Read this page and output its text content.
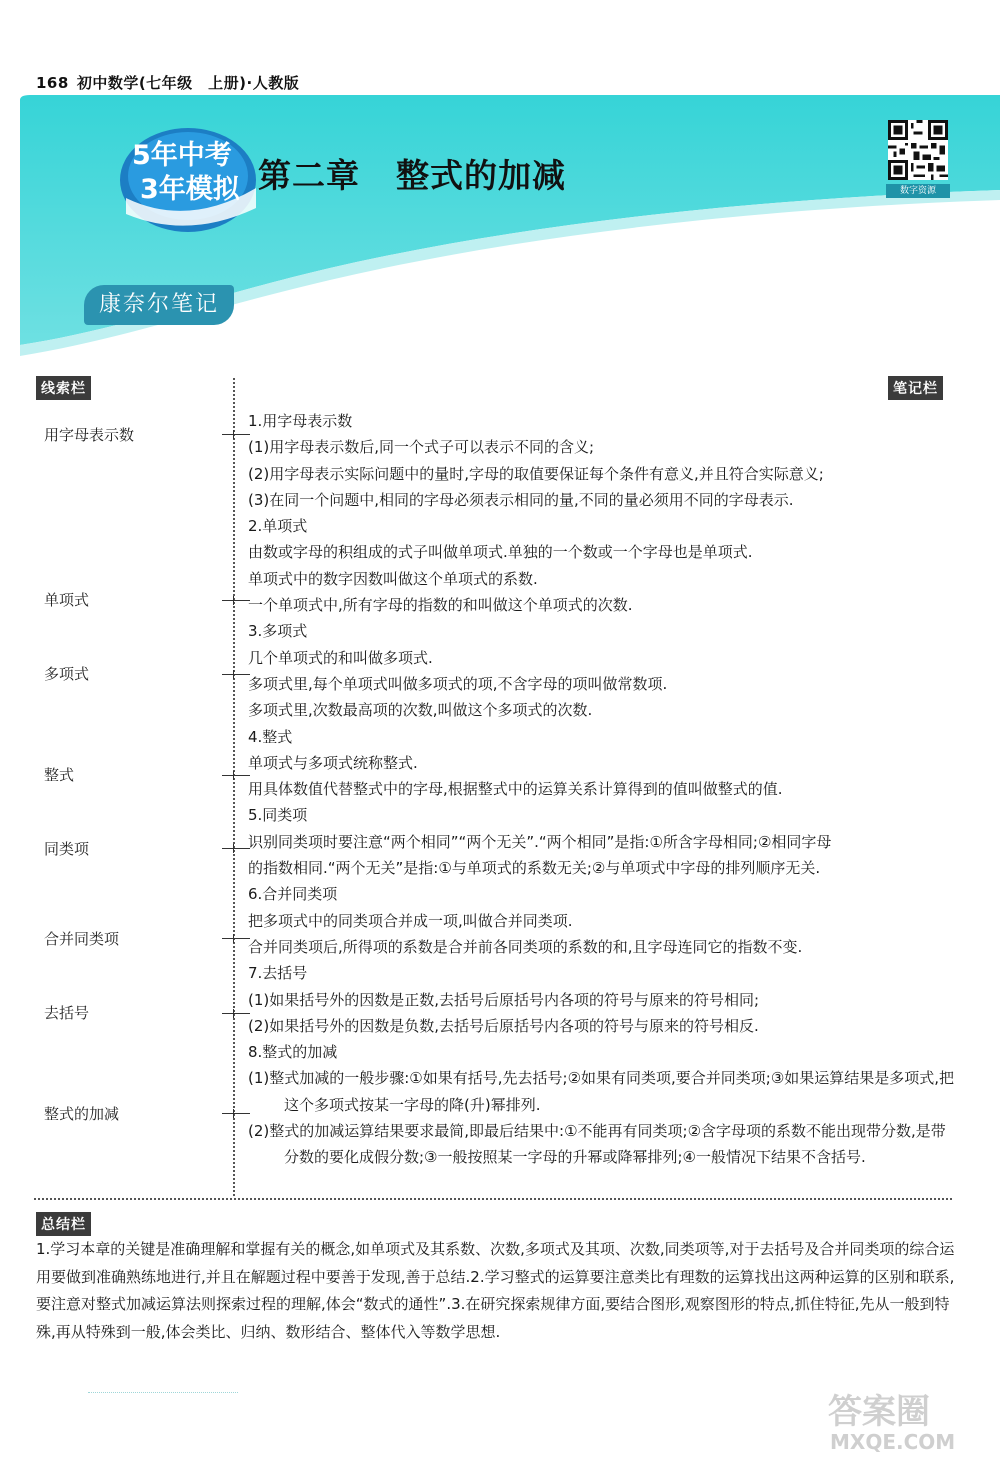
168 初中数学(七年级　上册)·人教版
5年中考
3年模拟 第二章 整式的加减	数字资源
康奈尔笔记
线索栏	笔记栏
用字母表示数
单项式
多项式
整式
同类项
合并同类项
去括号
整式的加减
1.用字母表示数
(1)用字母表示数后,同一个式子可以表示不同的含义;
(2)用字母表示实际问题中的量时,字母的取值要保证每个条件有意义,并且符合实际意义;
(3)在同一个问题中,相同的字母必须表示相同的量,不同的量必须用不同的字母表示.
2.单项式
由数或字母的积组成的式子叫做单项式.单独的一个数或一个字母也是单项式.
单项式中的数字因数叫做这个单项式的系数.
一个单项式中,所有字母的指数的和叫做这个单项式的次数.
3.多项式
几个单项式的和叫做多项式.
多项式里,每个单项式叫做多项式的项,不含字母的项叫做常数项.
多项式里,次数最高项的次数,叫做这个多项式的次数.
4.整式
单项式与多项式统称整式.
用具体数值代替整式中的字母,根据整式中的运算关系计算得到的值叫做整式的值.
5.同类项
识别同类项时要注意“两个相同”“两个无关”.“两个相同”是指:①所含字母相同;②相同字母
的指数相同.“两个无关”是指:①与单项式的系数无关;②与单项式中字母的排列顺序无关.
6.合并同类项
把多项式中的同类项合并成一项,叫做合并同类项.
合并同类项后,所得项的系数是合并前各同类项的系数的和,且字母连同它的指数不变.
7.去括号
(1)如果括号外的因数是正数,去括号后原括号内各项的符号与原来的符号相同;
(2)如果括号外的因数是负数,去括号后原括号内各项的符号与原来的符号相反.
8.整式的加减
(1)整式加减的一般步骤:①如果有括号,先去括号;②如果有同类项,要合并同类项;③如果运算结果是多项式,把这个多项式按某一字母的降(升)幂排列.
(2)整式的加减运算结果要求最简,即最后结果中:①不能再有同类项;②含字母项的系数不能出现带分数,是带分数的要化成假分数;③一般按照某一字母的升幂或降幂排列;④一般情况下结果不含括号.
总结栏
1.学习本章的关键是准确理解和掌握有关的概念,如单项式及其系数、次数,多项式及其项、次数,同类项等,对于去括号及合并同类项的综合运用要做到准确熟练地进行,并且在解题过程中要善于发现,善于总结.2.学习整式的运算要注意类比有理数的运算找出这两种运算的区别和联系,要注意对整式加减运算法则探索过程的理解,体会“数式的通性”.3.在研究探索规律方面,要结合图形,观察图形的特点,抓住特征,先从一般到特殊,再从特殊到一般,体会类比、归纳、数形结合、整体代入等数学思想.
答案圈
MXQE.COM
